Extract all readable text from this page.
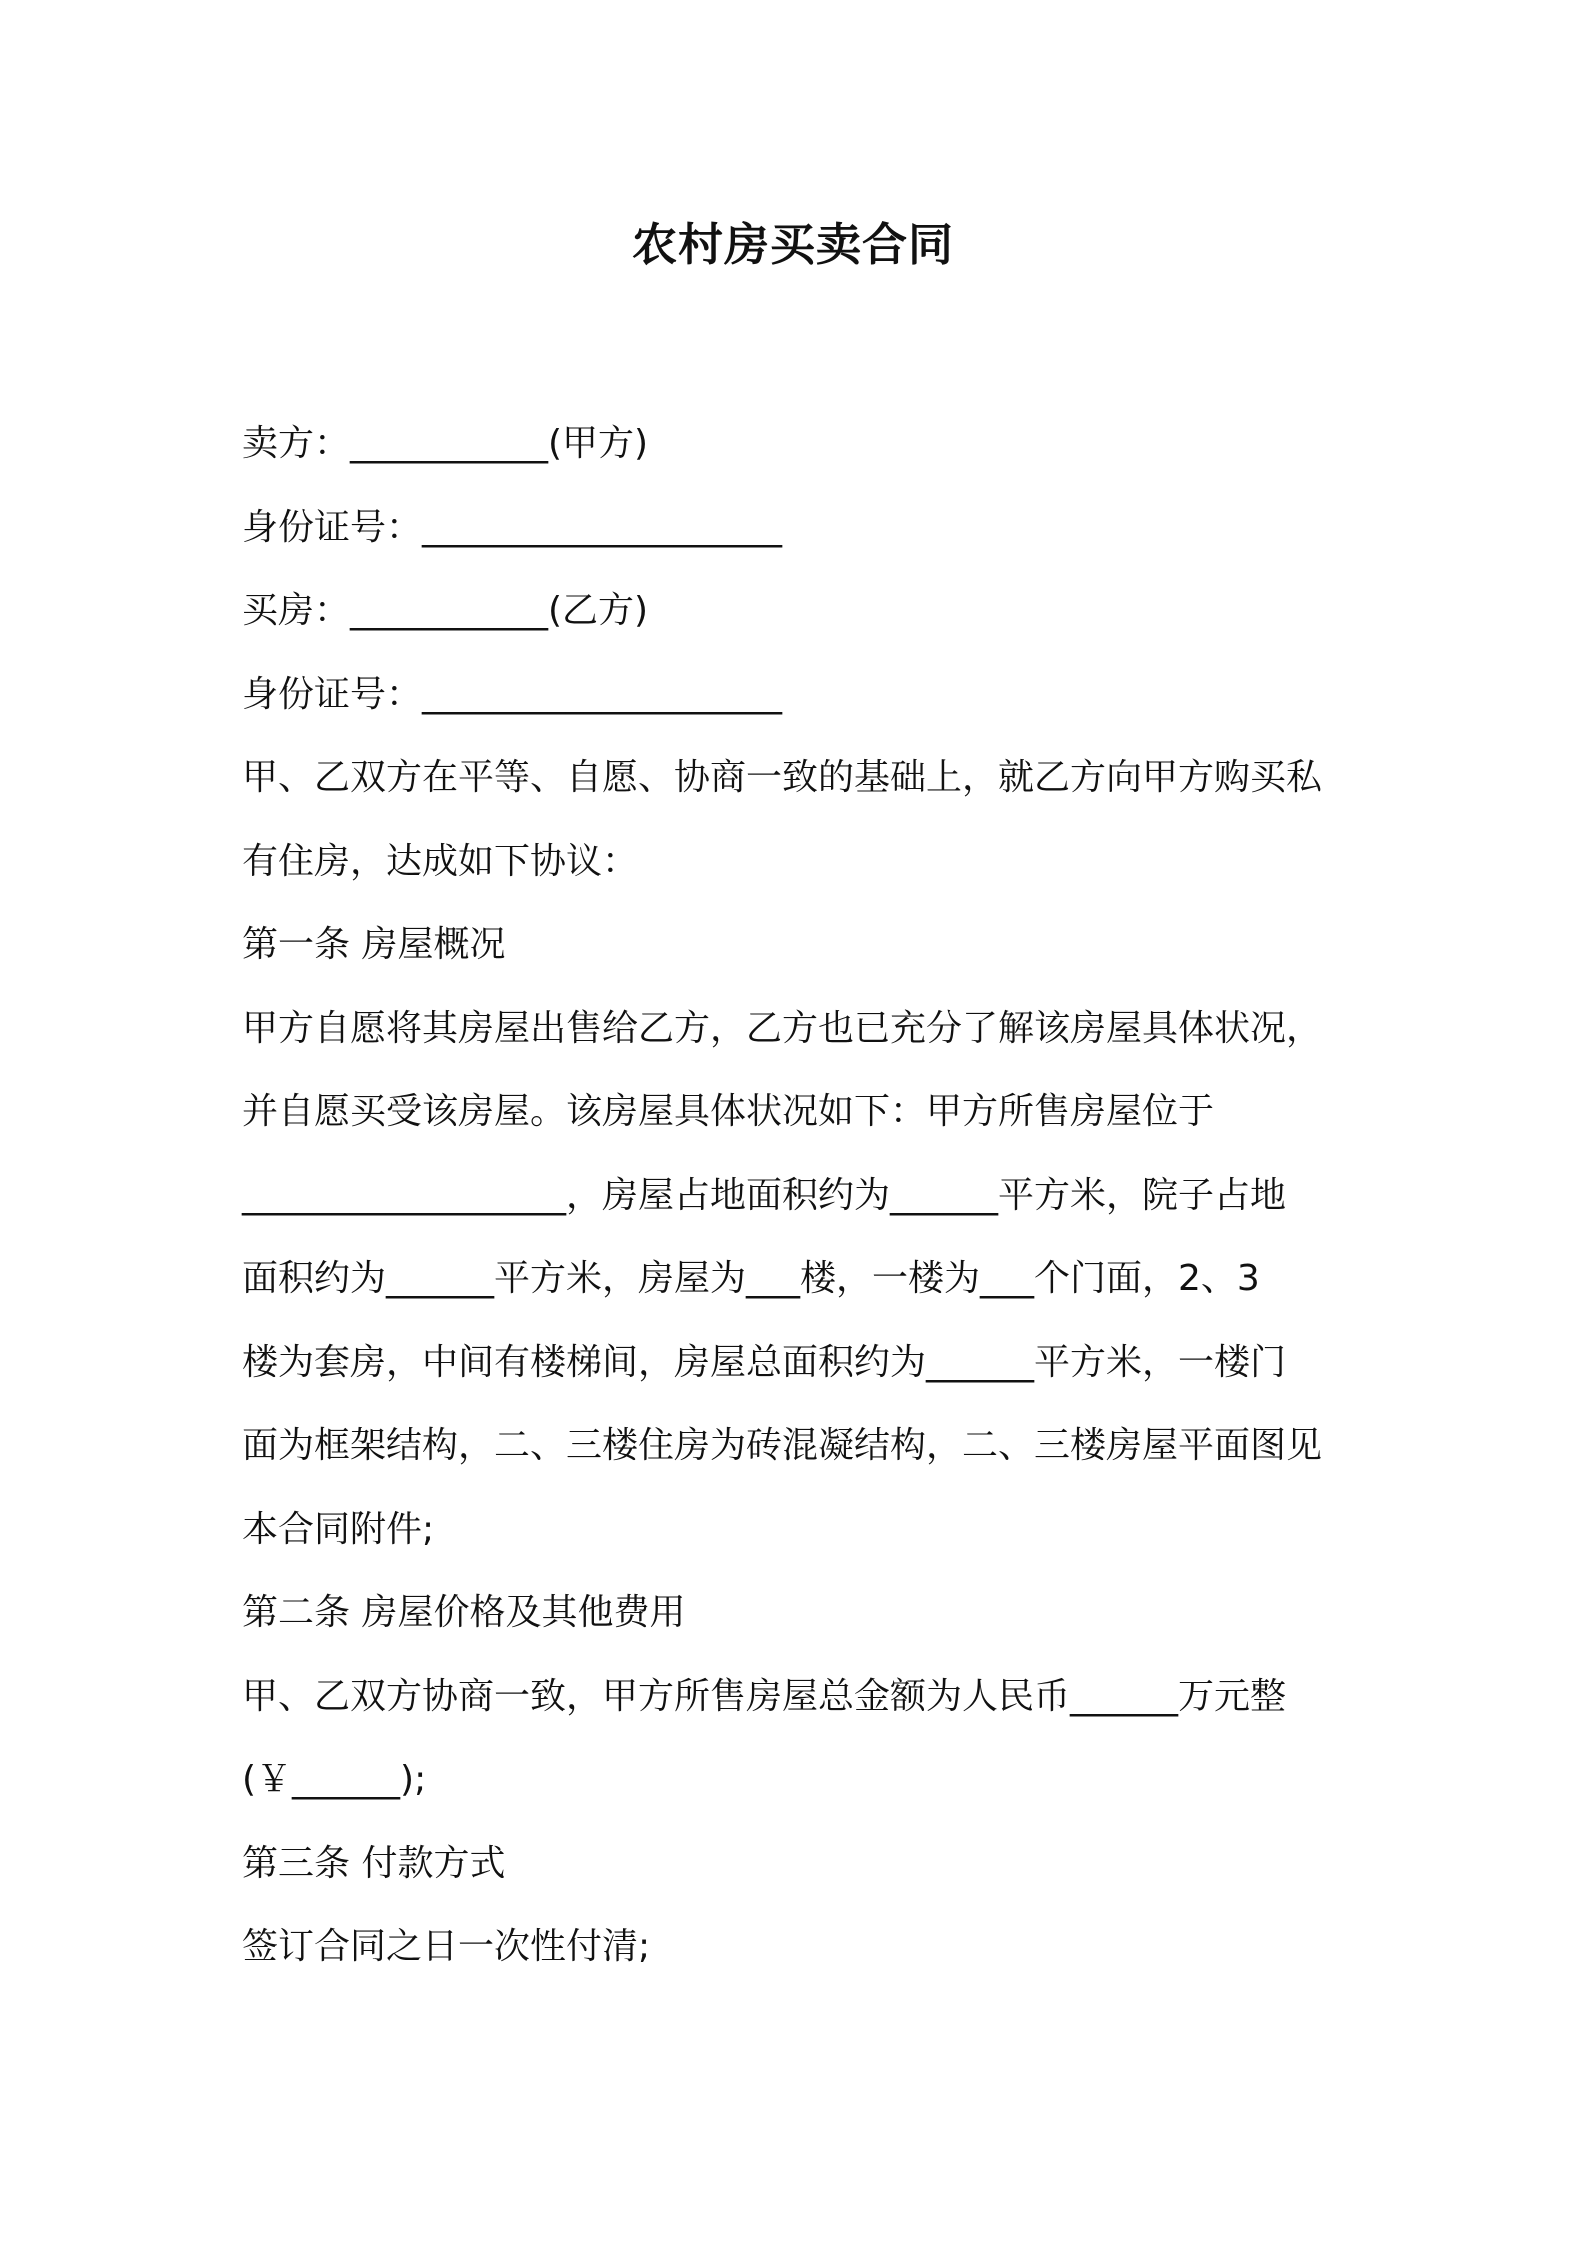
农村房买卖合同
卖方：___________(甲方)
身份证号：____________________
买房：___________(乙方)
身份证号：____________________
甲、乙双方在平等、自愿、协商一致的基础上，就乙方向甲方购买私
有住房，达成如下协议：
第一条 房屋概况
甲方自愿将其房屋出售给乙方，乙方也已充分了解该房屋具体状况，
并自愿买受该房屋。该房屋具体状况如下：甲方所售房屋位于
__________________，房屋占地面积约为______平方米，院子占地
面积约为______平方米，房屋为___楼，一楼为___个门面，2、3
楼为套房，中间有楼梯间，房屋总面积约为______平方米，一楼门
面为框架结构，二、三楼住房为砖混凝结构，二、三楼房屋平面图见
本合同附件;
第二条 房屋价格及其他费用
甲、乙双方协商一致，甲方所售房屋总金额为人民币______万元整
(￥______);
第三条 付款方式
签订合同之日一次性付清;
